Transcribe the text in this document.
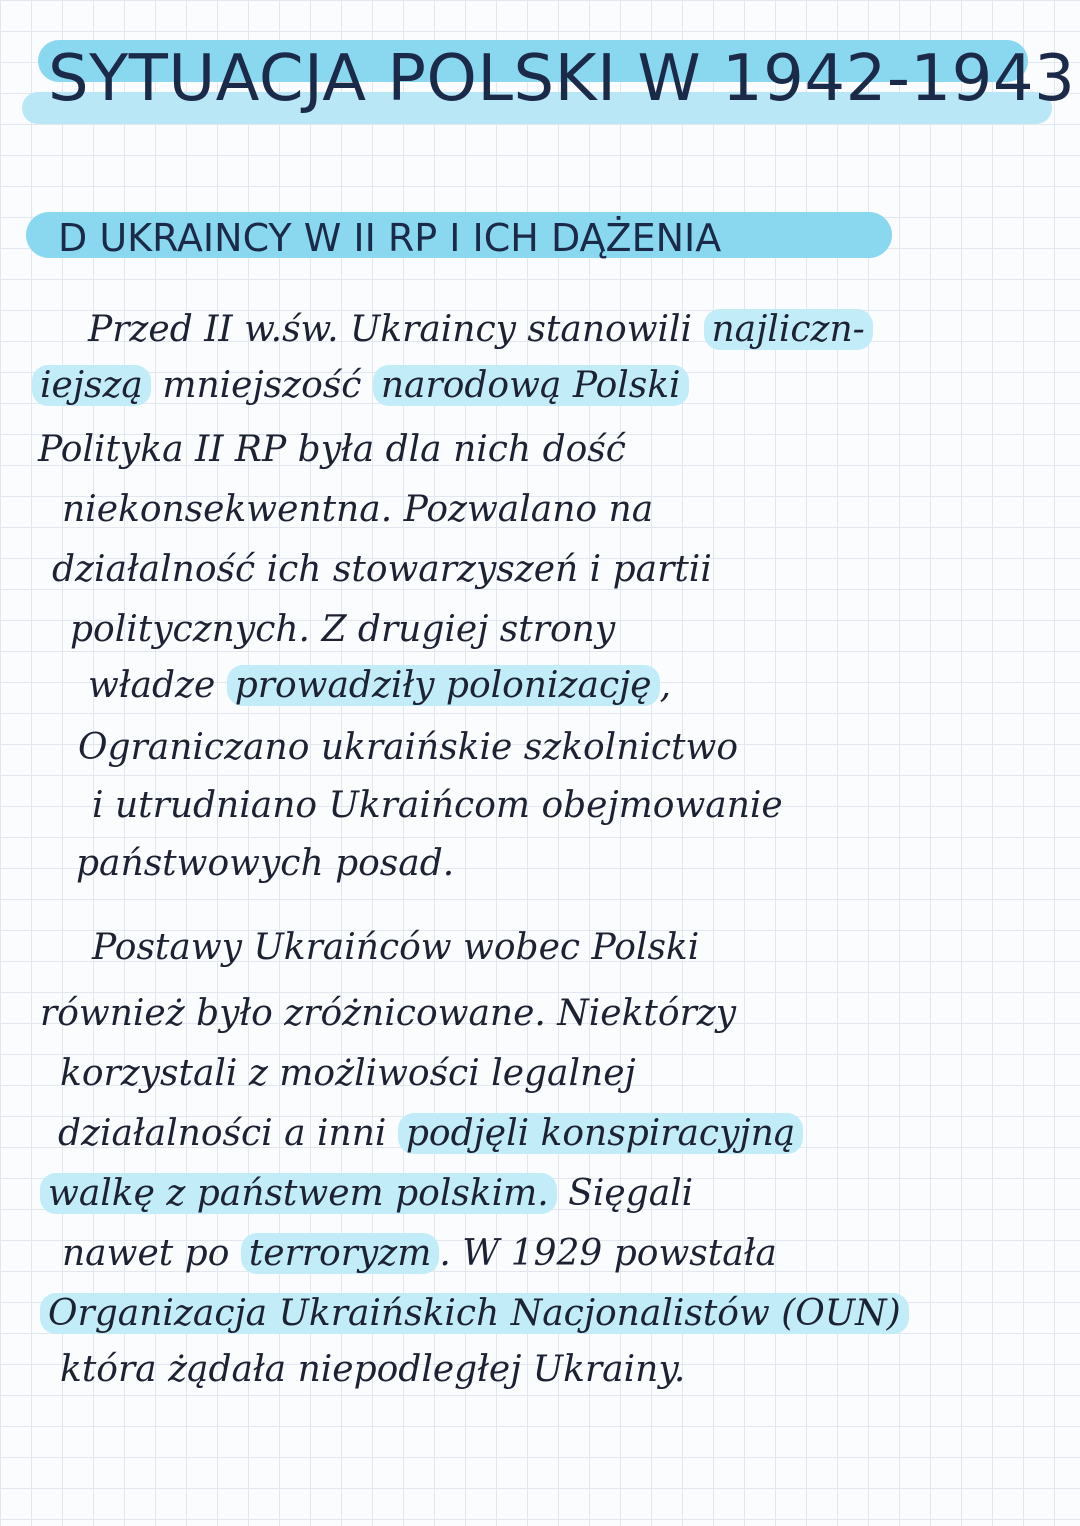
SYTUACJA POLSKI W 1942-1943
D UKRAINCY W II RP I ICH DĄŻENIA
Przed II w.św. Ukraincy stanowili najliczn-
iejszą mniejszość narodową Polski
Polityka II RP była dla nich dość
niekonsekwentna. Pozwalano na
działalność ich stowarzyszeń i partii
politycznych. Z drugiej strony
władze prowadziły polonizację ,
Ograniczano ukraińskie szkolnictwo
i utrudniano Ukraińcom obejmowanie
państwowych posad.
Postawy Ukraińców wobec Polski
również było zróżnicowane. Niektórzy
korzystali z możliwości legalnej
działalności a inni podjęli konspiracyjną
walkę z państwem polskim. Sięgali
nawet po terroryzm . W 1929 powstała
Organizacja Ukraińskich Nacjonalistów (OUN)
która żądała niepodległej Ukrainy.
